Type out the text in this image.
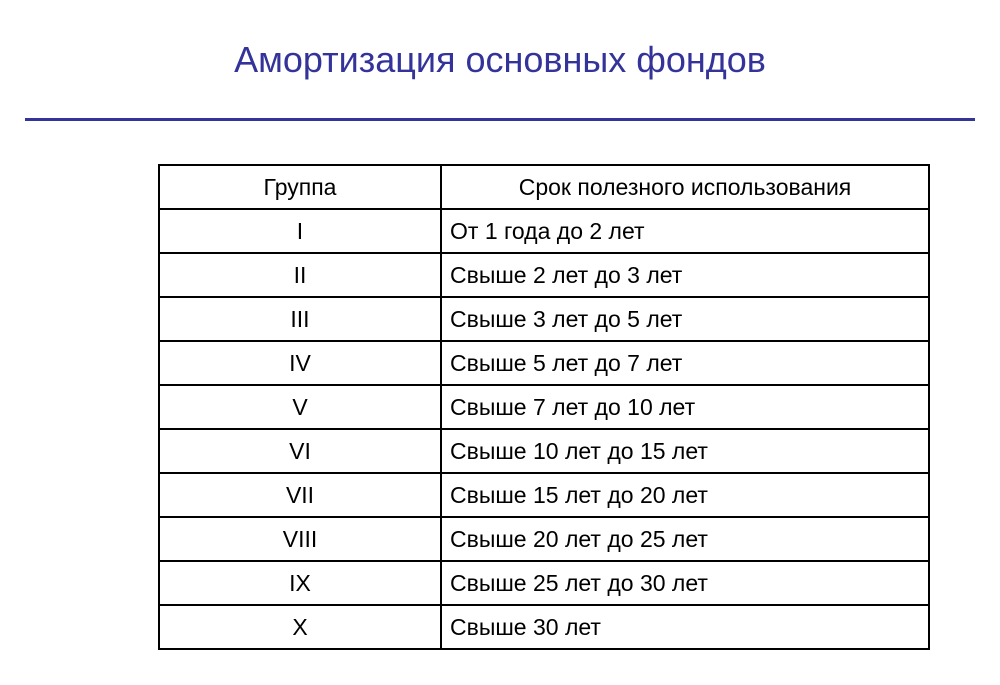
Амортизация основных фондов
Группа	Срок полезного использования
I	От 1 года до 2 лет
II	Свыше 2 лет до 3 лет
III	Свыше 3 лет до 5 лет
IV	Свыше 5 лет до 7 лет
V	Свыше 7 лет до 10 лет
VI	Свыше 10 лет до 15 лет
VII	Свыше 15 лет до 20 лет
VIII	Свыше 20 лет до 25 лет
IX	Свыше 25 лет до 30 лет
X	Свыше 30 лет
